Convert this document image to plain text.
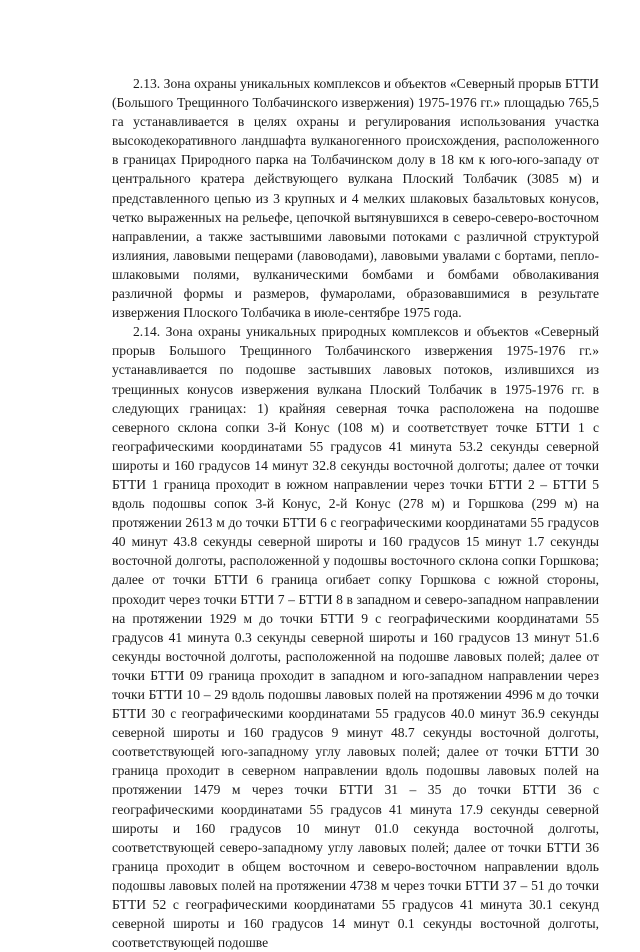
2.13. Зона охраны уникальных комплексов и объектов «Северный прорыв БТТИ (Большого Трещинного Толбачинского извержения) 1975-1976 гг.» площадью 765,5 га устанавливается в целях охраны и регулирования использования участка высокодекоративного ландшафта вулканогенного происхождения, расположенного в границах Природного парка на Толбачинском долу в 18 км к юго-юго-западу от центрального кратера действующего вулкана Плоский Толбачик (3085 м) и представленного цепью из 3 крупных и 4 мелких шлаковых базальтовых конусов, четко выраженных на рельефе, цепочкой вытянувшихся в северо-северо-восточном направлении, а также застывшими лавовыми потоками с различной структурой излияния, лавовыми пещерами (лавоводами), лавовыми увалами с бортами, пепло-шлаковыми полями, вулканическими бомбами и бомбами обволакивания различной формы и размеров, фумаролами, образовавшимися в результате извержения Плоского Толбачика в июле-сентябре 1975 года.

2.14. Зона охраны уникальных природных комплексов и объектов «Северный прорыв Большого Трещинного Толбачинского извержения 1975-1976 гг.» устанавливается по подошве застывших лавовых потоков, излившихся из трещинных конусов извержения вулкана Плоский Толбачик в 1975-1976 гг. в следующих границах: 1) крайняя северная точка расположена на подошве северного склона сопки 3-й Конус (108 м) и соответствует точке БТТИ 1 с географическими координатами 55 градусов 41 минута 53.2 секунды северной широты и 160 градусов 14 минут 32.8 секунды восточной долготы; далее от точки БТТИ 1 граница проходит в южном направлении через точки БТТИ 2 – БТТИ 5 вдоль подошвы сопок 3-й Конус, 2-й Конус (278 м) и Горшкова (299 м) на протяжении 2613 м до точки БТТИ 6 с географическими координатами 55 градусов 40 минут 43.8 секунды северной широты и 160 градусов 15 минут 1.7 секунды восточной долготы, расположенной у подошвы восточного склона сопки Горшкова; далее от точки БТТИ 6 граница огибает сопку Горшкова с южной стороны, проходит через точки БТТИ 7 – БТТИ 8 в западном и северо-западном направлении на протяжении 1929 м до точки БТТИ 9 с географическими координатами 55 градусов 41 минута 0.3 секунды северной широты и 160 градусов 13 минут 51.6 секунды восточной долготы, расположенной на подошве лавовых полей; далее от точки БТТИ 09 граница проходит в западном и юго-западном направлении через точки БТТИ 10 – 29 вдоль подошвы лавовых полей на протяжении 4996 м до точки БТТИ 30 с географическими координатами 55 градусов 40.0 минут 36.9 секунды северной широты и 160 градусов 9 минут 48.7 секунды восточной долготы, соответствующей юго-западному углу лавовых полей; далее от точки БТТИ 30 граница проходит в северном направлении вдоль подошвы лавовых полей на протяжении 1479 м через точки БТТИ 31 – 35 до точки БТТИ 36 с географическими координатами 55 градусов 41 минута 17.9 секунды северной широты и 160 градусов 10 минут 01.0 секунда восточной долготы, соответствующей северо-западному углу лавовых полей; далее от точки БТТИ 36 граница проходит в общем восточном и северо-восточном направлении вдоль подошвы лавовых полей на протяжении 4738 м через точки БТТИ 37 – 51 до точки БТТИ 52 с географическими координатами 55 градусов 41 минута 30.1 секунд северной широты и 160 градусов 14 минут 0.1 секунды восточной долготы, соответствующей подошве
